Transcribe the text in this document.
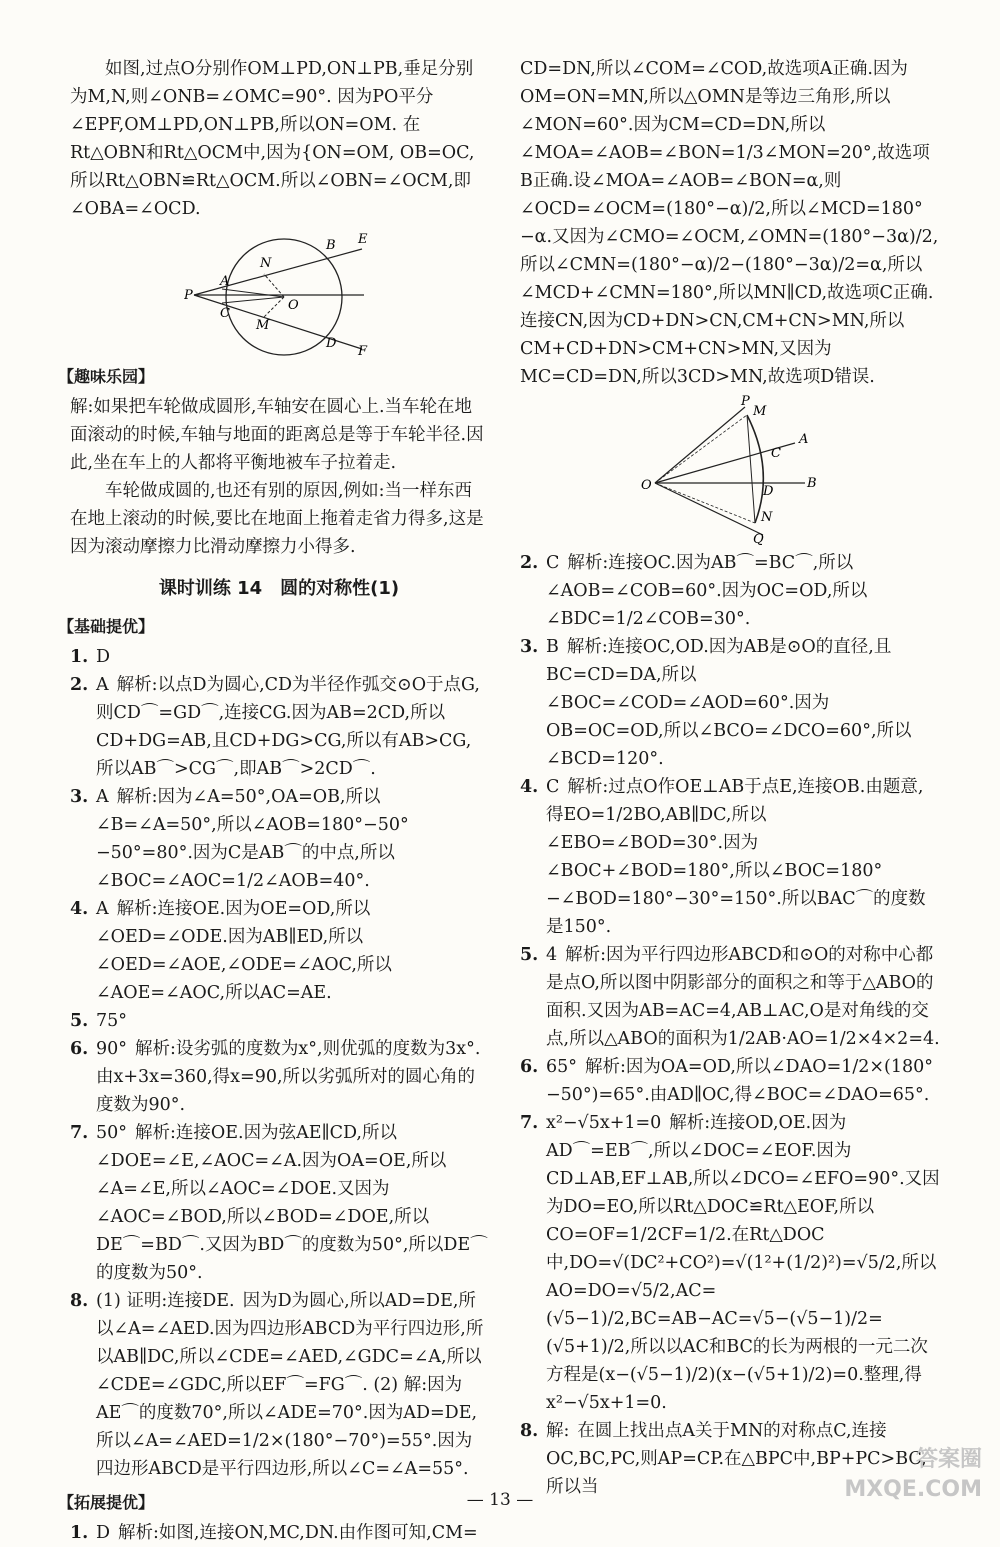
如图,过点O分别作OM⊥PD,ON⊥PB,垂足分别为M,N,则∠ONB=∠OMC=90°. 因为PO平分∠EPF,OM⊥PD,ON⊥PB,所以ON=OM. 在Rt△OBN和Rt△OCM中,因为{ON=OM, OB=OC,所以Rt△OBN≌Rt△OCM.所以∠OBN=∠OCM,即∠OBA=∠OCD.

E
B
N
A
P
C
O
M
D
F

【趣味乐园】

解:如果把车轮做成圆形,车轴安在圆心上.当车轮在地面滚动的时候,车轴与地面的距离总是等于车轮半径.因此,坐在车上的人都将平衡地被车子拉着走.

车轮做成圆的,也还有别的原因,例如:当一样东西在地上滚动的时候,要比在地面上拖着走省力得多,这是因为滚动摩擦力比滑动摩擦力小得多.

课时训练 14　圆的对称性(1)

【基础提优】

1. D
2. A 解析:以点D为圆心,CD为半径作弧交⊙O于点G,则CD⌒=GD⌒,连接CG.因为AB=2CD,所以CD+DG=AB,且CD+DG>CG,所以有AB>CG,所以AB⌒>CG⌒,即AB⌒>2CD⌒.
3. A 解析:因为∠A=50°,OA=OB,所以∠B=∠A=50°,所以∠AOB=180°−50°−50°=80°.因为C是AB⌒的中点,所以∠BOC=∠AOC=1/2∠AOB=40°.
4. A 解析:连接OE.因为OE=OD,所以∠OED=∠ODE.因为AB∥ED,所以∠OED=∠AOE,∠ODE=∠AOC,所以∠AOE=∠AOC,所以AC=AE.
5. 75°
6. 90° 解析:设劣弧的度数为x°,则优弧的度数为3x°.由x+3x=360,得x=90,所以劣弧所对的圆心角的度数为90°.
7. 50° 解析:连接OE.因为弦AE∥CD,所以∠DOE=∠E,∠AOC=∠A.因为OA=OE,所以∠A=∠E,所以∠AOC=∠DOE.又因为∠AOC=∠BOD,所以∠BOD=∠DOE,所以DE⌒=BD⌒.又因为BD⌒的度数为50°,所以DE⌒的度数为50°.
8. (1) 证明:连接DE. 因为D为圆心,所以AD=DE,所以∠A=∠AED.因为四边形ABCD为平行四边形,所以AB∥DC,所以∠CDE=∠AED,∠GDC=∠A,所以∠CDE=∠GDC,所以EF⌒=FG⌒. (2) 解:因为AE⌒的度数70°,所以∠ADE=70°.因为AD=DE,所以∠A=∠AED=1/2×(180°−70°)=55°.因为四边形ABCD是平行四边形,所以∠C=∠A=55°.

【拓展提优】

1. D 解析:如图,连接ON,MC,DN.由作图可知,CM=

CD=DN,所以∠COM=∠COD,故选项A正确.因为OM=ON=MN,所以△OMN是等边三角形,所以∠MON=60°.因为CM=CD=DN,所以∠MOA=∠AOB=∠BON=1/3∠MON=20°,故选项B正确.设∠MOA=∠AOB=∠BON=α,则∠OCD=∠OCM=(180°−α)/2,所以∠MCD=180°−α.又因为∠CMO=∠OCM,∠OMN=(180°−3α)/2,所以∠CMN=(180°−α)/2−(180°−3α)/2=α,所以∠MCD+∠CMN=180°,所以MN∥CD,故选项C正确.连接CN,因为CD+DN>CN,CM+CN>MN,所以CM+CD+DN>CM+CN>MN,又因为MC=CD=DN,所以3CD>MN,故选项D错误.

P
M
A
C
O	D
B
N
Q
2. C 解析:连接OC.因为AB⌒=BC⌒,所以∠AOB=∠COB=60°.因为OC=OD,所以∠BDC=1/2∠COB=30°.
3. B 解析:连接OC,OD.因为AB是⊙O的直径,且BC=CD=DA,所以∠BOC=∠COD=∠AOD=60°.因为OB=OC=OD,所以∠BCO=∠DCO=60°,所以∠BCD=120°.
4. C 解析:过点O作OE⊥AB于点E,连接OB.由题意,得EO=1/2BO,AB∥DC,所以∠EBO=∠BOD=30°.因为∠BOC+∠BOD=180°,所以∠BOC=180°−∠BOD=180°−30°=150°.所以BAC⌒的度数是150°.
5. 4 解析:因为平行四边形ABCD和⊙O的对称中心都是点O,所以图中阴影部分的面积之和等于△ABO的面积.又因为AB=AC=4,AB⊥AC,O是对角线的交点,所以△ABO的面积为1/2AB·AO=1/2×4×2=4.
6. 65° 解析:因为OA=OD,所以∠DAO=1/2×(180°−50°)=65°.由AD∥OC,得∠BOC=∠DAO=65°.
7. x²−√5x+1=0 解析:连接OD,OE.因为AD⌒=EB⌒,所以∠DOC=∠EOF.因为CD⊥AB,EF⊥AB,所以∠DCO=∠EFO=90°.又因为DO=EO,所以Rt△DOC≌Rt△EOF,所以CO=OF=1/2CF=1/2.在Rt△DOC中,DO=√(DC²+CO²)=√(1²+(1/2)²)=√5/2,所以AO=DO=√5/2,AC=(√5−1)/2,BC=AB−AC=√5−(√5−1)/2=(√5+1)/2,所以以AC和BC的长为两根的一元二次方程是(x−(√5−1)/2)(x−(√5+1)/2)=0.整理,得x²−√5x+1=0.
8. 解: 在圆上找出点A关于MN的对称点C,连接OC,BC,PC,则AP=CP.在△BPC中,BP+PC>BC,所以当
— 13 —
答案圈 MXQE.COM
